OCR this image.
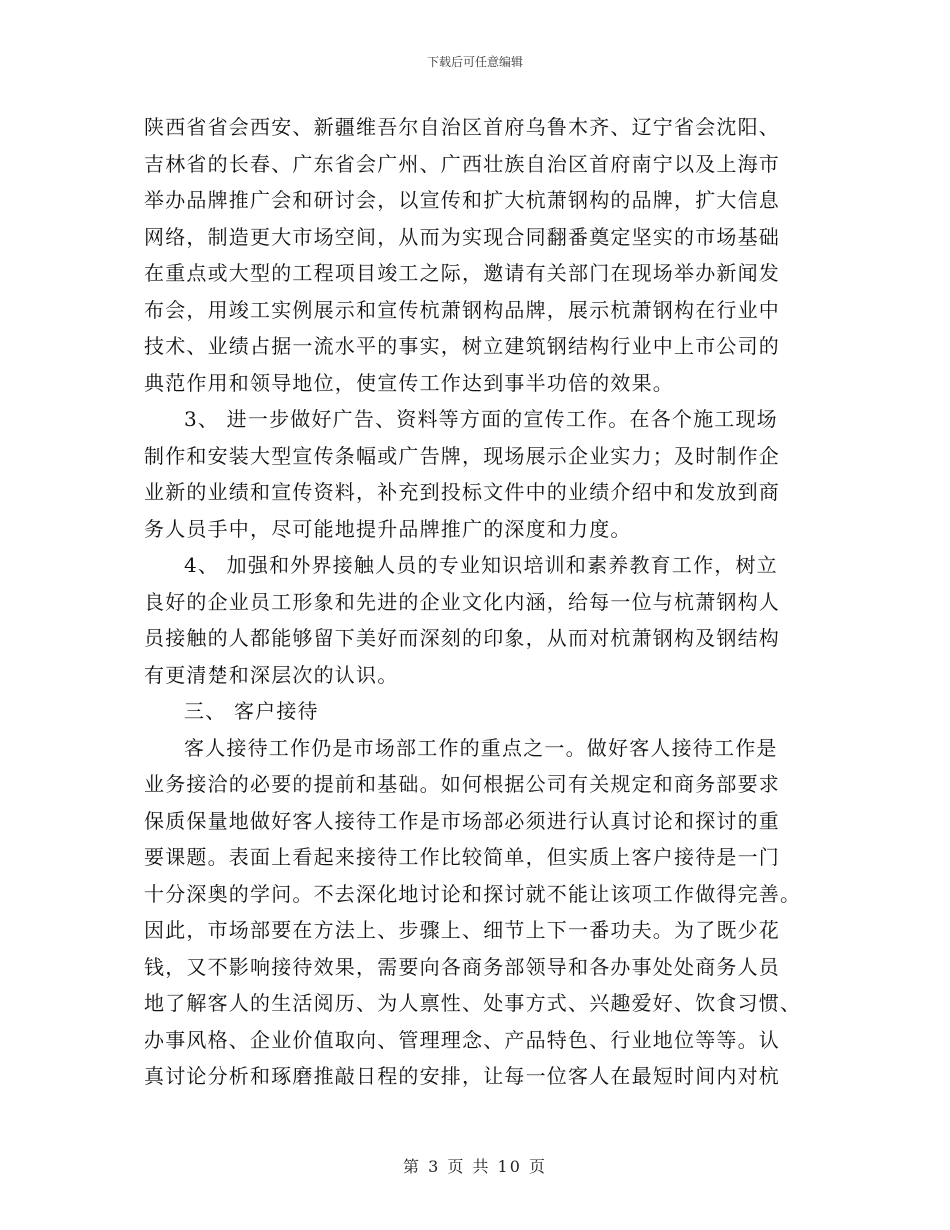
下载后可任意编辑
陕西省省会西安、新疆维吾尔自治区首府乌鲁木齐、辽宁省会沈阳、
吉林省的长春、广东省会广州、广西壮族自治区首府南宁以及上海市
举办品牌推广会和研讨会，以宣传和扩大杭萧钢构的品牌，扩大信息
网络，制造更大市场空间，从而为实现合同翻番奠定坚实的市场基础
在重点或大型的工程项目竣工之际，邀请有关部门在现场举办新闻发
布会，用竣工实例展示和宣传杭萧钢构品牌，展示杭萧钢构在行业中
技术、业绩占据一流水平的事实，树立建筑钢结构行业中上市公司的
典范作用和领导地位，使宣传工作达到事半功倍的效果。
3、 进一步做好广告、资料等方面的宣传工作。在各个施工现场
制作和安装大型宣传条幅或广告牌，现场展示企业实力；及时制作企
业新的业绩和宣传资料，补充到投标文件中的业绩介绍中和发放到商
务人员手中，尽可能地提升品牌推广的深度和力度。
4、 加强和外界接触人员的专业知识培训和素养教育工作，树立
良好的企业员工形象和先进的企业文化内涵，给每一位与杭萧钢构人
员接触的人都能够留下美好而深刻的印象，从而对杭萧钢构及钢结构
有更清楚和深层次的认识。
三、 客户接待
客人接待工作仍是市场部工作的重点之一。做好客人接待工作是
业务接洽的必要的提前和基础。如何根据公司有关规定和商务部要求
保质保量地做好客人接待工作是市场部必须进行认真讨论和探讨的重
要课题。表面上看起来接待工作比较简单，但实质上客户接待是一门
十分深奥的学问。不去深化地讨论和探讨就不能让该项工作做得完善。
因此，市场部要在方法上、步骤上、细节上下一番功夫。为了既少花
钱，又不影响接待效果，需要向各商务部领导和各办事处处商务人员
地了解客人的生活阅历、为人禀性、处事方式、兴趣爱好、饮食习惯、
办事风格、企业价值取向、管理理念、产品特色、行业地位等等。认
真讨论分析和琢磨推敲日程的安排，让每一位客人在最短时间内对杭
第 3 页 共 10 页
